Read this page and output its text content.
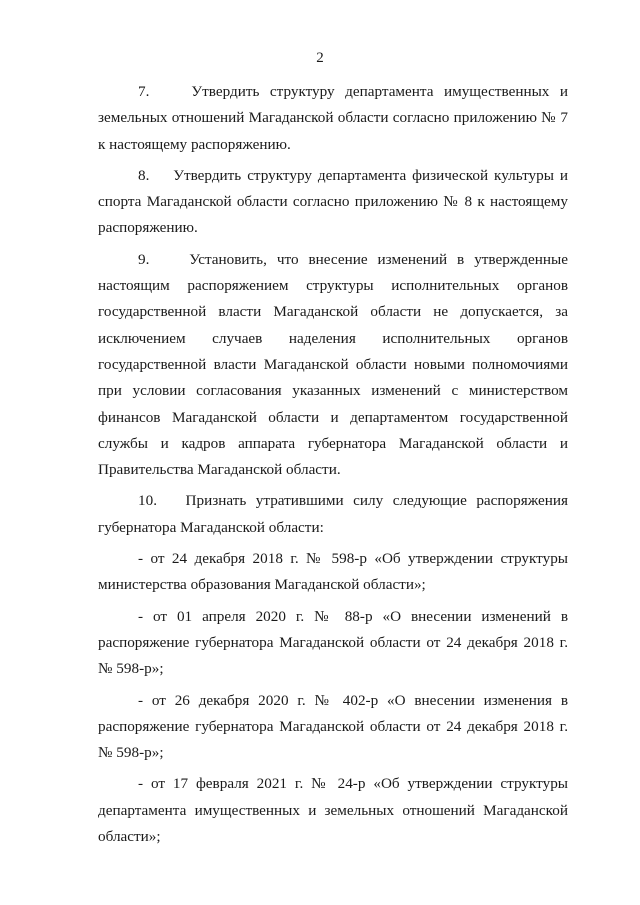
2

7.    Утвердить структуру департамента имущественных и земельных отношений Магаданской области согласно приложению № 7 к настоящему распоряжению.

8.    Утвердить структуру департамента физической культуры и спорта Магаданской области согласно приложению № 8 к настоящему распоряжению.

9.    Установить, что внесение изменений в утвержденные настоящим распоряжением структуры исполнительных органов государственной власти Магаданской области не допускается, за исключением случаев наделения исполнительных органов государственной власти Магаданской области новыми полномочиями при условии согласования указанных изменений с министерством финансов Магаданской области и департаментом государственной службы и кадров аппарата губернатора Магаданской области и Правительства Магаданской области.

10.   Признать утратившими силу следующие распоряжения губернатора Магаданской области:

- от 24 декабря 2018 г. № 598-р «Об утверждении структуры министерства образования Магаданской области»;

- от 01 апреля 2020 г. № 88-р «О внесении изменений в распоряжение губернатора Магаданской области от 24 декабря 2018 г. № 598-р»;

- от 26 декабря 2020 г. № 402-р «О внесении изменения в распоряжение губернатора Магаданской области от 24 декабря 2018 г. № 598-р»;

- от 17 февраля 2021 г. № 24-р «Об утверждении структуры департамента имущественных и земельных отношений Магаданской области»;
